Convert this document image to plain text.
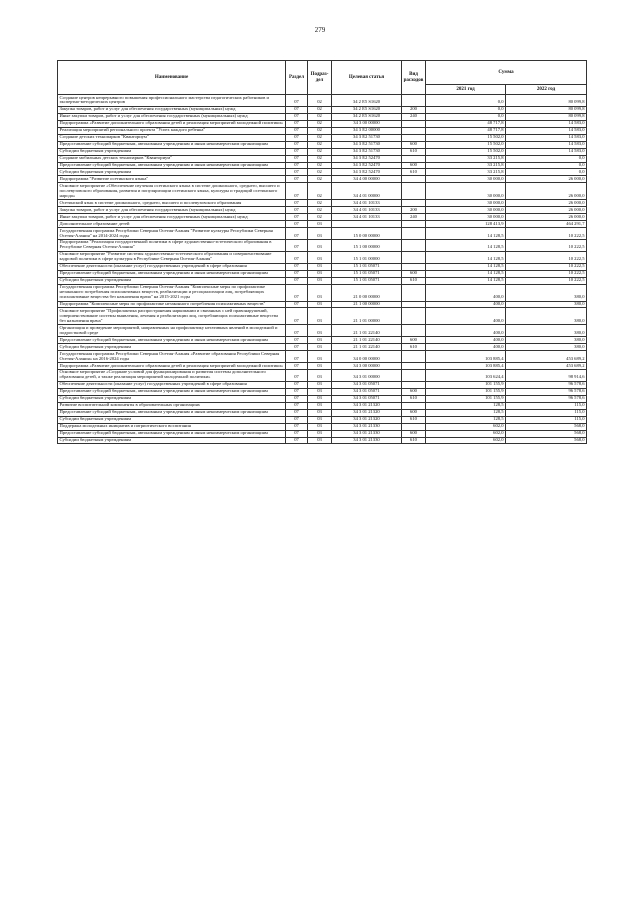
279
Наименование	Раздел	Подраз-
дел	Целевая статья	Вид расходов	Сумма	
					2021 год	2022 год
Создание центров непрерывного повышения профессионального мастерства педагогических работников и экспертно-методических центров	07	02	34 2 E5 S1620		0,0	80 099,8
Закупка товаров, работ и услуг для обеспечения государственных (муниципальных) нужд	07	02	34 2 E5 S1620	200	0,0	80 099,8
Иные закупки товаров, работ и услуг для обеспечения государственных (муниципальных) нужд	07	02	34 2 E5 S1620	240	0,0	80 099,8
Подпрограмма «Развитие дополнительного образования детей и реализация мероприятий молодежной политики»	07	02	34 3 00 00000		48 717,8	14 583,0
Реализация мероприятий регионального проекта "Успех каждого ребенка"	07	02	34 3 E2 00000		48 717,8	14 583,0
Создание детских технопарков "Кванториум"	07	02	34 3 E2 51730		15 502,0	14 583,0
Предоставление субсидий бюджетным, автономным учреждениям и иным некоммерческим организациям	07	02	34 3 E2 51730	600	15 502,0	14 583,0
Субсидии бюджетным учреждениям	07	02	34 3 E2 51730	610	15 502,0	14 583,0
Создание мобильных детских технопарков "Кванториум"	07	02	34 3 E2 52470		33 215,8	0,0
Предоставление субсидий бюджетным, автономным учреждениям и иным некоммерческим организациям	07	02	34 3 E2 52470	600	33 215,8	0,0
Субсидии бюджетным учреждениям	07	02	34 3 E2 52470	610	33 215,8	0,0
Подпрограмма "Развитие осетинского языка"	07	02	34 4 00 00000		30 000,0	26 000,0
Основное мероприятие «Обеспечение изучения осетинского языка в системе дошкольного, среднего, высшего и послевузовского образования, развития и популяризации осетинского языка, культуры и традиций осетинского народа»	07	02	34 4 01 00000		30 000,0	26 000,0
Осетинский язык в системе дошкольного, среднего, высшего и послевузовского образования	07	02	34 4 01 10133		30 000,0	26 000,0
Закупка товаров, работ и услуг для обеспечения государственных (муниципальных) нужд	07	02	34 4 01 10133	200	30 000,0	26 000,0
Иные закупки товаров, работ и услуг для обеспечения государственных (муниципальных) нужд	07	02	34 4 01 10133	240	30 000,0	26 000,0
Дополнительное образование детей	07	03			128 413,9	464 291,7
Государственная программа Республики Северная Осетия-Алания "Развитие культуры Республики Северная Осетия-Алания" на 2014-2024 годы	07	03	15 0 00 00000		14 128,5	10 222,5
Подпрограмма "Реализация государственной политики в сфере художественно-эстетического образования в Республике Северная Осетия-Алания"	07	03	15 1 00 00000		14 128,5	10 222,5
Основное мероприятие "Развитие системы художественно-эстетического образования и совершенствование кадровой политики в сфере культуры в Республике Северная Осетия-Алания"	07	03	15 1 01 00000		14 128,5	10 222,5
Обеспечение деятельности (оказание услуг) государственных учреждений в сфере образования	07	03	15 1 01 05071		14 128,5	10 222,5
Предоставление субсидий бюджетным, автономным учреждениям и иным некоммерческим организациям	07	03	15 1 01 05071	600	14 128,5	10 222,5
Субсидии бюджетным учреждениям	07	03	15 1 01 05071	610	14 128,5	10 222,5
Государственная программа Республики Северная Осетия-Алания "Комплексные меры по профилактике незаконного потребления психоактивных веществ, реабилитации и ресоциализации лиц, потребляющих психоактивные вещества без назначения врача" на 2015-2021 годы	07	03	21 0 00 00000		400,0	380,0
Подпрограмма "Комплексные меры по профилактике незаконного потребления психоактивных веществ"	07	03	21 1 00 00000		400,0	380,0
Основное мероприятие "Профилактика распространения наркомании и связанных с ней правонарушений, совершенствование системы выявления, лечения и реабилитации лиц, потребляющих психоактивные вещества без назначения врача"	07	03	21 1 01 00000		400,0	380,0
Организация и проведение мероприятий, направленных на профилактику негативных явлений в молодежной и подростковой среде	07	03	21 1 01 22140		400,0	380,0
Предоставление субсидий бюджетным, автономным учреждениям и иным некоммерческим организациям	07	03	21 1 01 22140	600	400,0	380,0
Субсидии бюджетным учреждениям	07	03	21 1 01 22140	610	400,0	380,0
Государственная программа Республики Северная Осетия-Алания «Развитие образования Республики Северная Осетия-Алания» на 2016-2024 годы	07	03	34 0 00 00000		103 885,4	453 689,2
Подпрограмма «Развитие дополнительного образования детей и реализация мероприятий молодежной политики»	07	03	34 3 00 00000		103 885,4	453 689,2
Основное мероприятие «Создание условий для функционирования и развития системы дополнительного образования детей, а также реализация мероприятий молодежной политики»	07	03	34 3 01 00000		103 624,4	98 914,6
Обеспечение деятельности (оказание услуг) государственных учреждений в сфере образования	07	03	34 3 01 05071		101 155,9	96 578,6
Предоставление субсидий бюджетным, автономным учреждениям и иным некоммерческим организациям	07	03	34 3 01 05071	600	101 155,9	96 578,6
Субсидии бюджетным учреждениям	07	03	34 3 01 05071	610	101 155,9	96 578,6
Развитие воспитательной компоненты в образовательных организациях	07	03	34 3 01 21320		128,5	115,0
Предоставление субсидий бюджетным, автономным учреждениям и иным некоммерческим организациям	07	03	34 3 01 21320	600	128,5	115,0
Субсидии бюджетным учреждениям	07	03	34 3 01 21320	610	128,5	115,0
Поддержка молодежных инициатив и патриотического воспитания	07	03	34 3 01 21330		602,0	568,0
Предоставление субсидий бюджетным, автономным учреждениям и иным некоммерческим организациям	07	03	34 3 01 21330	600	602,0	568,0
Субсидии бюджетным учреждениям	07	03	34 3 01 21330	610	602,0	568,0
